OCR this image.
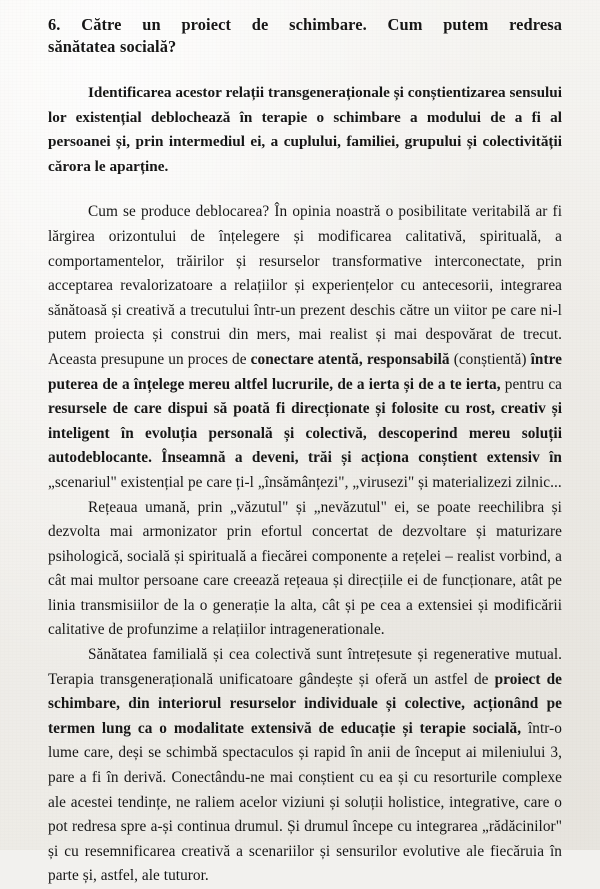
6. Către un proiect de schimbare. Cum putem redresa
sănătatea socială?

Identificarea acestor relații transgeneraționale și conștientizarea sensului lor existențial deblochează în terapie o schimbare a modului de a fi al persoanei și, prin intermediul ei, a cuplului, familiei, grupului și colectivității cărora le aparține.

Cum se produce deblocarea? În opinia noastră o posibilitate veritabilă ar fi lărgirea orizontului de înțelegere și modificarea calitativă, spirituală, a comportamentelor, trăirilor și resurselor transformative interconectate, prin acceptarea revalorizatoare a relațiilor și experiențelor cu antecesorii, integrarea sănătoasă și creativă a trecutului într-un prezent deschis către un viitor pe care ni-l putem proiecta și construi din mers, mai realist și mai despovărat de trecut. Aceasta presupune un proces de conectare atentă, responsabilă (conștientă) între puterea de a înțelege mereu altfel lucrurile, de a ierta și de a te ierta, pentru ca resursele de care dispui să poată fi direcționate și folosite cu rost, creativ și inteligent în evoluția personală și colectivă, descoperind mereu soluții autodeblocante. Înseamnă a deveni, trăi și acționa conștient extensiv în „scenariul" existențial pe care ți-l „însămânțezi", „virusezi" și materializezi zilnic...

Rețeaua umană, prin „văzutul" și „nevăzutul" ei, se poate reechilibra și dezvolta mai armonizator prin efortul concertat de dezvoltare și maturizare psihologică, socială și spirituală a fiecărei componente a rețelei – realist vorbind, a cât mai multor persoane care creează rețeaua și direcțiile ei de funcționare, atât pe linia transmisiilor de la o generație la alta, cât și pe cea a extensiei și modificării calitative de profunzime a relațiilor intragenerationale.

Sănătatea familială și cea colectivă sunt întrețesute și regenerative mutual. Terapia transgenerațională unificatoare gândește și oferă un astfel de proiect de schimbare, din interiorul resurselor individuale și colective, acționând pe termen lung ca o modalitate extensivă de educație și terapie socială, într-o lume care, deși se schimbă spectaculos și rapid în anii de început ai mileniului 3, pare a fi în derivă. Conectându-ne mai conștient cu ea și cu resorturile complexe ale acestei tendințe, ne raliem acelor viziuni și soluții holistice, integrative, care o pot redresa spre a-și continua drumul. Și drumul începe cu integrarea „rădăcinilor" și cu resemnificarea creativă a scenariilor și sensurilor evolutive ale fiecăruia în parte și, astfel, ale tuturor.
